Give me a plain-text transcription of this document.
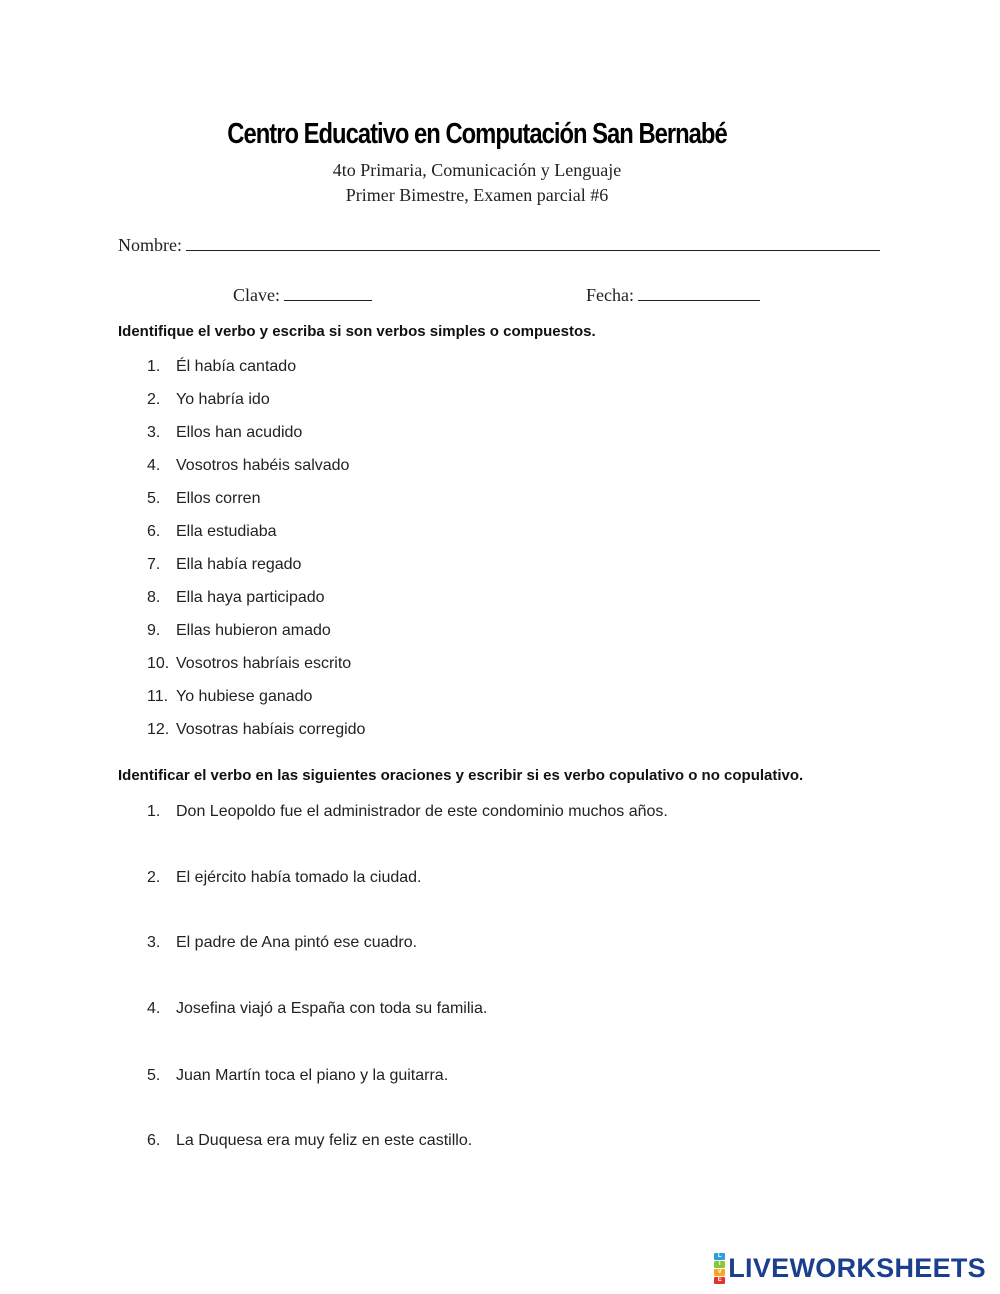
Centro Educativo en Computación San Bernabé
4to Primaria, Comunicación y Lenguaje
Primer Bimestre, Examen parcial #6
Nombre:
Clave:	Fecha:
Identifique el verbo y escriba si son verbos simples o compuestos.
1. Él había cantado
2. Yo habría ido
3. Ellos han acudido
4. Vosotros habéis salvado
5. Ellos corren
6. Ella estudiaba
7. Ella había regado
8. Ella haya participado
9. Ellas hubieron amado
10. Vosotros habríais escrito
11. Yo hubiese ganado
12. Vosotras habíais corregido
Identificar el verbo en las siguientes oraciones y escribir si es verbo copulativo o no copulativo.
1. Don Leopoldo fue el administrador de este condominio muchos años.
2. El ejército había tomado la ciudad.
3. El padre de Ana pintó ese cuadro.
4. Josefina viajó a España con toda su familia.
5. Juan Martín toca el piano y la guitarra.
6. La Duquesa era muy feliz en este castillo.
L
I
V
E LIVEWORKSHEETS
